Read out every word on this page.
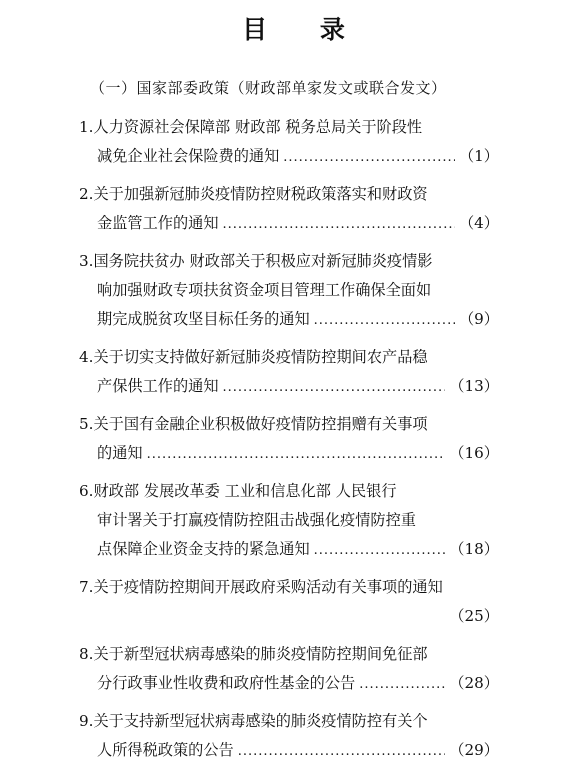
目 录
（一）国家部委政策（财政部单家发文或联合发文）
1.人力资源社会保障部 财政部 税务总局关于阶段性
减免企业社会保险费的通知 .....	（1）
2.关于加强新冠肺炎疫情防控财税政策落实和财政资
金监管工作的通知 .....	（4）
3.国务院扶贫办 财政部关于积极应对新冠肺炎疫情影
响加强财政专项扶贫资金项目管理工作确保全面如
期完成脱贫攻坚目标任务的通知 .....	（9）
4.关于切实支持做好新冠肺炎疫情防控期间农产品稳
产保供工作的通知 .....	（13）
5.关于国有金融企业积极做好疫情防控捐赠有关事项
的通知 .....	（16）
6.财政部 发展改革委 工业和信息化部 人民银行
审计署关于打赢疫情防控阻击战强化疫情防控重
点保障企业资金支持的紧急通知 .....	（18）
7.关于疫情防控期间开展政府采购活动有关事项的通知
（25）
8.关于新型冠状病毒感染的肺炎疫情防控期间免征部
分行政事业性收费和政府性基金的公告 .....	（28）
9.关于支持新型冠状病毒感染的肺炎疫情防控有关个
人所得税政策的公告 .....	（29）
